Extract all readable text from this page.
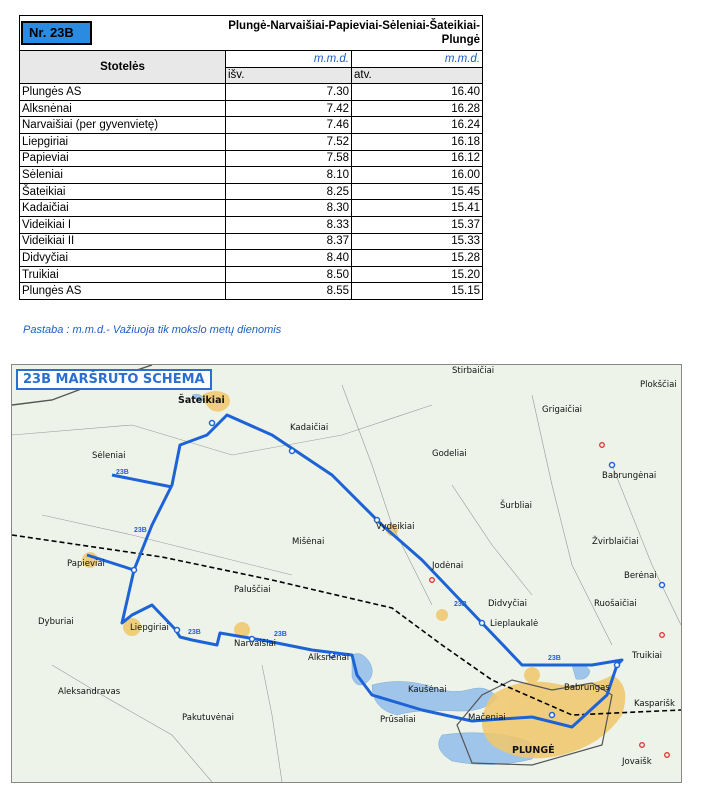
Nr. 23B	Plungė-Narvaišiai-Papieviai-Sėleniai-Šateikiai-Plungė	
Stotelės	m.m.d.	m.m.d.
	išv.	atv.
Plungės AS	7.30	16.40
Alksnėnai	7.42	16.28
Narvaišiai (per gyvenvietę)	7.46	16.24
Liepgiriai	7.52	16.18
Papieviai	7.58	16.12
Sėleniai	8.10	16.00
Šateikiai	8.25	15.45
Kadaičiai	8.30	15.41
Videikiai I	8.33	15.37
Videikiai II	8.37	15.33
Didvyčiai	8.40	15.28
Truikiai	8.50	15.20
Plungės AS	8.55	15.15
Pastaba : m.m.d.- Važiuoja tik mokslo metų dienomis
23B MARŠRUTO SCHEMA
Stirbaičiai
Plokščiai
Šateikiai
Grigaičiai
Kadaičiai
Sėleniai	Godeliai
Babrungėnai
Šurbliai
Vydeikiai
Žvirblaičiai
Mišėnai
Jodėnai
Berėnai
Papieviai
Paluščiai
Ruošaičiai
Didvyčiai
Dyburiai
Liepgiriai	Lieplaukalė
Narvaišiai
Alksnėnai	Truikiai
Babrungas
Aleksandravas	Kaušėnai
Kasparišk
Pakutuvėnai	Prūsaliai	Mačeniai
PLUNGĖ
Jovaišk
23B
23B
23B	23B
23B
23B
